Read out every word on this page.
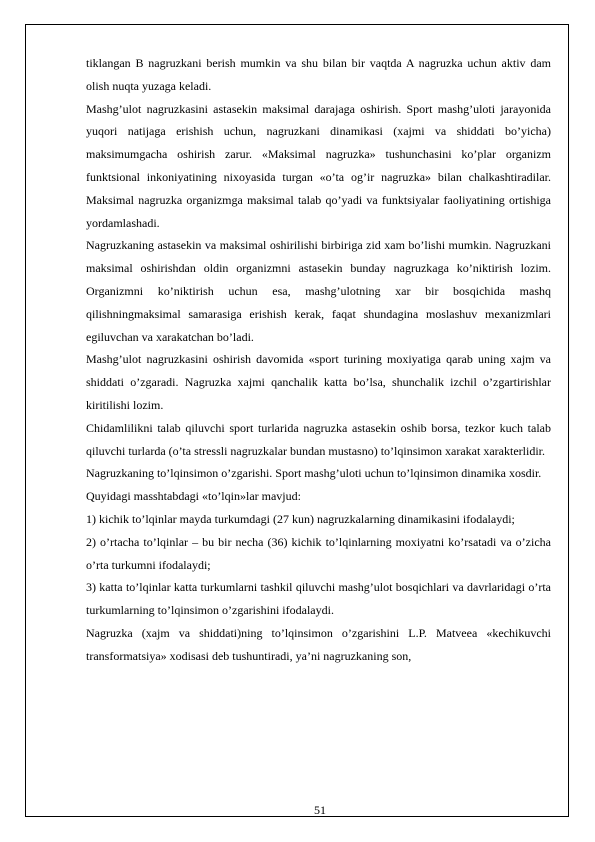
tiklangan B nagruzkani berish mumkin va shu bilan bir vaqtda A nagruzka uchun aktiv dam olish nuqta yuzaga keladi.

Mashg’ulot nagruzkasini astasekin maksimal darajaga oshirish. Sport mashg’uloti jarayonida yuqori natijaga erishish uchun, nagruzkani dinamikasi (xajmi va shiddati bo’yicha) maksimumgacha oshirish zarur. «Maksimal nagruzka» tushunchasini ko’plar organizm funktsional inkoniyatining nixoyasida turgan «o’ta og’ir nagruzka» bilan chalkashtiradilar. Maksimal nagruzka organizmga maksimal talab qo’yadi va funktsiyalar faoliyatining ortishiga yordamlashadi.

Nagruzkaning astasekin va maksimal oshirilishi birbiriga zid xam bo’lishi mumkin. Nagruzkani maksimal oshirishdan oldin organizmni astasekin bunday nagruzkaga ko’niktirish lozim. Organizmni ko’niktirish uchun esa, mashg’ulotning xar bir bosqichida mashq qilishningmaksimal samarasiga erishish kerak, faqat shundagina moslashuv mexanizmlari egiluvchan va xarakatchan bo’ladi.

Mashg’ulot nagruzkasini oshirish davomida «sport turining moxiyatiga qarab uning xajm va shiddati o’zgaradi. Nagruzka xajmi qanchalik katta bo’lsa, shunchalik izchil o’zgartirishlar kiritilishi lozim.

Chidamlilikni talab qiluvchi sport turlarida nagruzka astasekin oshib borsa, tezkor kuch talab qiluvchi turlarda (o’ta stressli nagruzkalar bundan mustasno) to’lqinsimon xarakat xarakterlidir.

Nagruzkaning to’lqinsimon o’zgarishi. Sport mashg’uloti uchun to’lqinsimon dinamika xosdir.

Quyidagi masshtabdagi «to’lqin»lar mavjud:

1) kichik to’lqinlar mayda turkumdagi (27 kun) nagruzkalarning dinamikasini ifodalaydi;

2) o’rtacha to’lqinlar – bu bir necha (36) kichik to’lqinlarning moxiyatni ko’rsatadi va o’zicha o’rta turkumni ifodalaydi;

3) katta to’lqinlar katta turkumlarni tashkil qiluvchi mashg’ulot bosqichlari va davrlaridagi o’rta turkumlarning to’lqinsimon o’zgarishini ifodalaydi.

Nagruzka (xajm va shiddati)ning to’lqinsimon o’zgarishini L.P. Matveea «kechikuvchi transformatsiya» xodisasi deb tushuntiradi, ya’ni nagruzkaning son,

51
